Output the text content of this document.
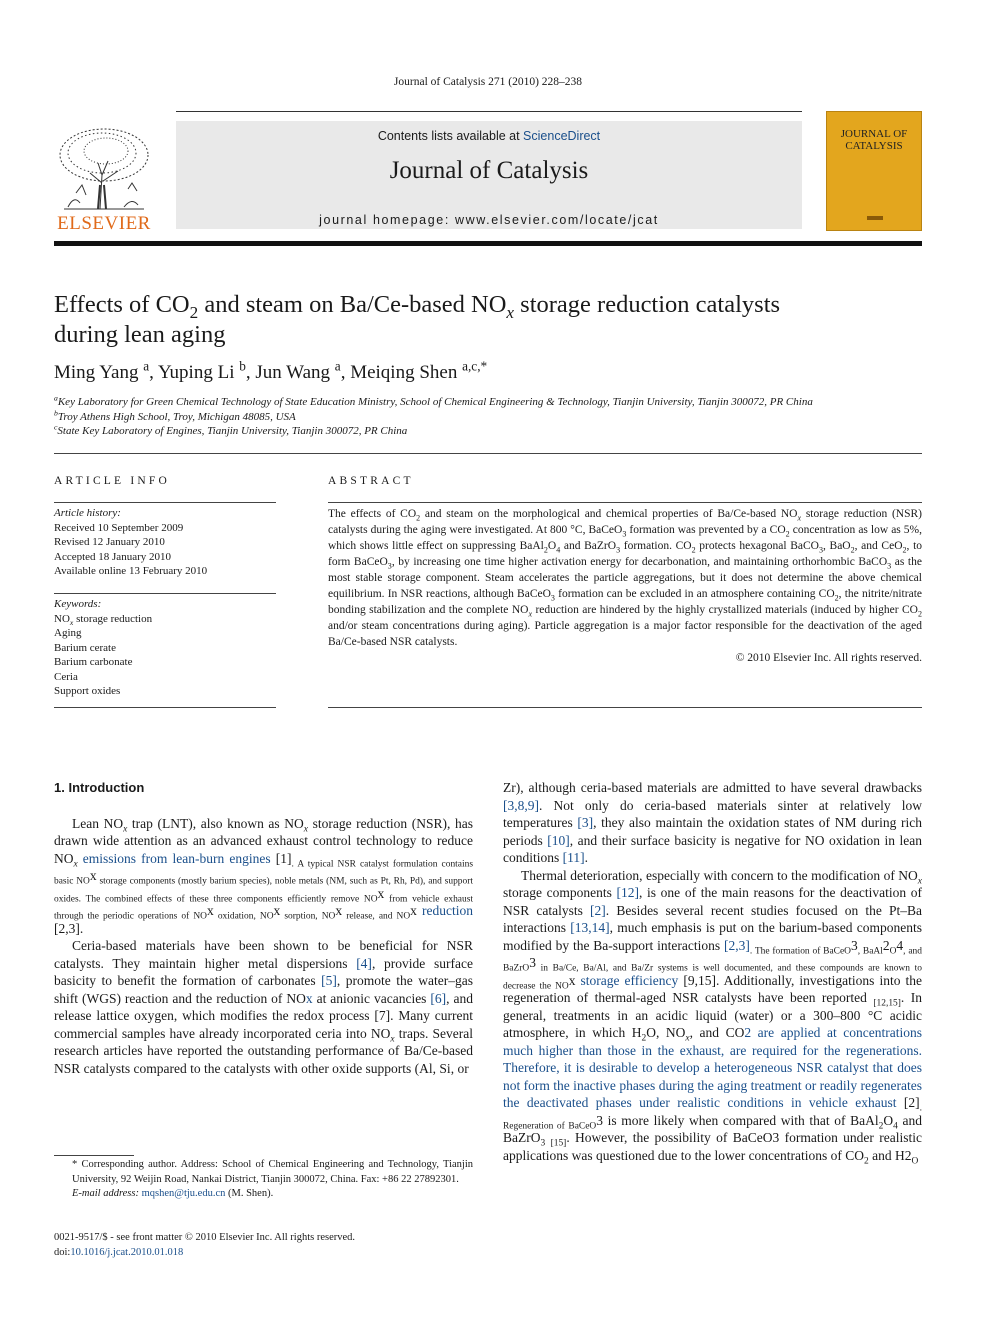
Journal of Catalysis 271 (2010) 228–238
ELSEVIER
Contents lists available at ScienceDirect
Journal of Catalysis
journal homepage: www.elsevier.com/locate/jcat
JOURNAL OF
CATALYSIS
Effects of $CO_2$ and steam on Ba/Ce-based $NO_x$ storage reduction catalysts
during lean aging
Ming Yang $^a$, Yuping Li $^b$, Jun Wang $^a$, Meiqing Shen $^{a,c,*}$
$^a$Key Laboratory for Green Chemical Technology of State Education Ministry, School of Chemical Engineering & Technology, Tianjin University, Tianjin 300072, PR China
$^b$Troy Athens High School, Troy, Michigan 48085, USA
$^c$State Key Laboratory of Engines, Tianjin University, Tianjin 300072, PR China
ARTICLE INFO
Article history:
Received 10 September 2009
Revised 12 January 2010
Accepted 18 January 2010
Available online 13 February 2010
Keywords:
$NO_x$ storage reduction
Aging
Barium cerate
Barium carbonate
Ceria
Support oxides
ABSTRACT
The effects of $CO_2$ and steam on the morphological and chemical properties of Ba/Ce-based $NO_x$ storage reduction (NSR) catalysts during the aging were investigated. At 800 °C, BaCeO$_3$ formation was prevented by a $CO_2$ concentration as low as 5%, which shows little effect on suppressing $BaAl_2O_4$ and BaZrO$_3$ formation. $CO_2$ protects hexagonal BaCO$_3$, BaO$_2$, and CeO$_2$, to form BaCeO$_3$, by increasing one time higher activation energy for decarbonation, and maintaining orthorhombic BaCO$_3$ as the most stable storage component. Steam accelerates the particle aggregations, but it does not determine the above chemical equilibrium. In NSR reactions, although BaCeO$_3$ formation can be excluded in an atmosphere containing $CO_2$, the nitrite/nitrate bonding stabilization and the complete $NO_x$ reduction are hindered by the highly crystallized materials (induced by higher $CO_2$ and/or steam concentrations during aging). Particle aggregation is a major factor responsible for the deactivation of the aged Ba/Ce-based NSR catalysts.
© 2010 Elsevier Inc. All rights reserved.
1. Introduction

Lean $NO_x$ trap (LNT), also known as $NO_x$ storage reduction (NSR), has drawn wide attention as an advanced exhaust control technology to reduce $NO_x$ emissions from lean-burn engines $[1]_{. A typical NSR catalyst formulation contains basic NO}x$ $_{storage components (mostly barium species), noble metals (NM, such as Pt, Rh, Pd), and support oxides. The combined effects of these three components efficiently remove NO}$x $_{from vehicle exhaust through the periodic operations of NO}$x $_{oxidation, NO}$x $_{sorption, NO}$x $_{release, and NO}$x reduction [2,3].

Ceria-based materials have been shown to be beneficial for NSR catalysts. They maintain higher metal dispersions [4], provide surface basicity to benefit the formation of carbonates [5], promote the water–gas shift (WGS) reaction and the reduction of NOx at anionic vacancies [6], and release lattice oxygen, which modifies the redox process [7]. Many current commercial samples have already incorporated ceria into $NO_x$ traps. Several research articles have reported the outstanding performance of Ba/Ce-based NSR catalysts compared to the catalysts with other oxide supports (Al, Si, or

Zr), although ceria-based materials are admitted to have several drawbacks [3,8,9]. Not only do ceria-based materials sinter at relatively low temperatures [3], they also maintain the oxidation states of NM during rich periods [10], and their surface basicity is negative for NO oxidation in lean conditions [11].

Thermal deterioration, especially with concern to the modification of $NO_x$ storage components [12], is one of the main reasons for the deactivation of NSR catalysts [2]. Besides several recent studies focused on the Pt–Ba interactions [13,14], much emphasis is put on the barium-based components modified by the Ba-support interactions $[2,3]_{. The formation of BaCeO}3_{, BaAl}2_O4_{, and BaZrO}3$ $_{in Ba/Ce, Ba/Al, and Ba/Zr systems is well documented, and these compounds are known to decrease the NO}$x storage efficiency [9,15]. Additionally, investigations into the regeneration of thermal-aged NSR catalysts have been reported $_{[12,15]}$. In general, treatments in an acidic liquid (water) or a 300–800 °C acidic atmosphere, in which $H_2O$, $NO_x$, and CO2 are applied at concentrations much higher than those in the exhaust, are required for the regenerations. Therefore, it is desirable to develop a heterogeneous NSR catalyst that does not form the inactive phases during the aging treatment or readily regenerates the deactivated phases under realistic conditions in vehicle exhaust $[2]_{. Regeneration of BaCeO}3$ is more likely when compared with that of $BaAl_2O_4$ and BaZrO$_3$ $_{[15]}$. However, the possibility of BaCeO3 formation under realistic applications was questioned due to the lower concentrations of $CO_2$ and $H2_O$

* Corresponding author. Address: School of Chemical Engineering and Technology, Tianjin University, 92 Weijin Road, Nankai District, Tianjin 300072, China. Fax: +86 22 27892301.
E-mail address: mqshen@tju.edu.cn (M. Shen).
0021-9517/$ - see front matter © 2010 Elsevier Inc. All rights reserved.
doi:10.1016/j.jcat.2010.01.018
